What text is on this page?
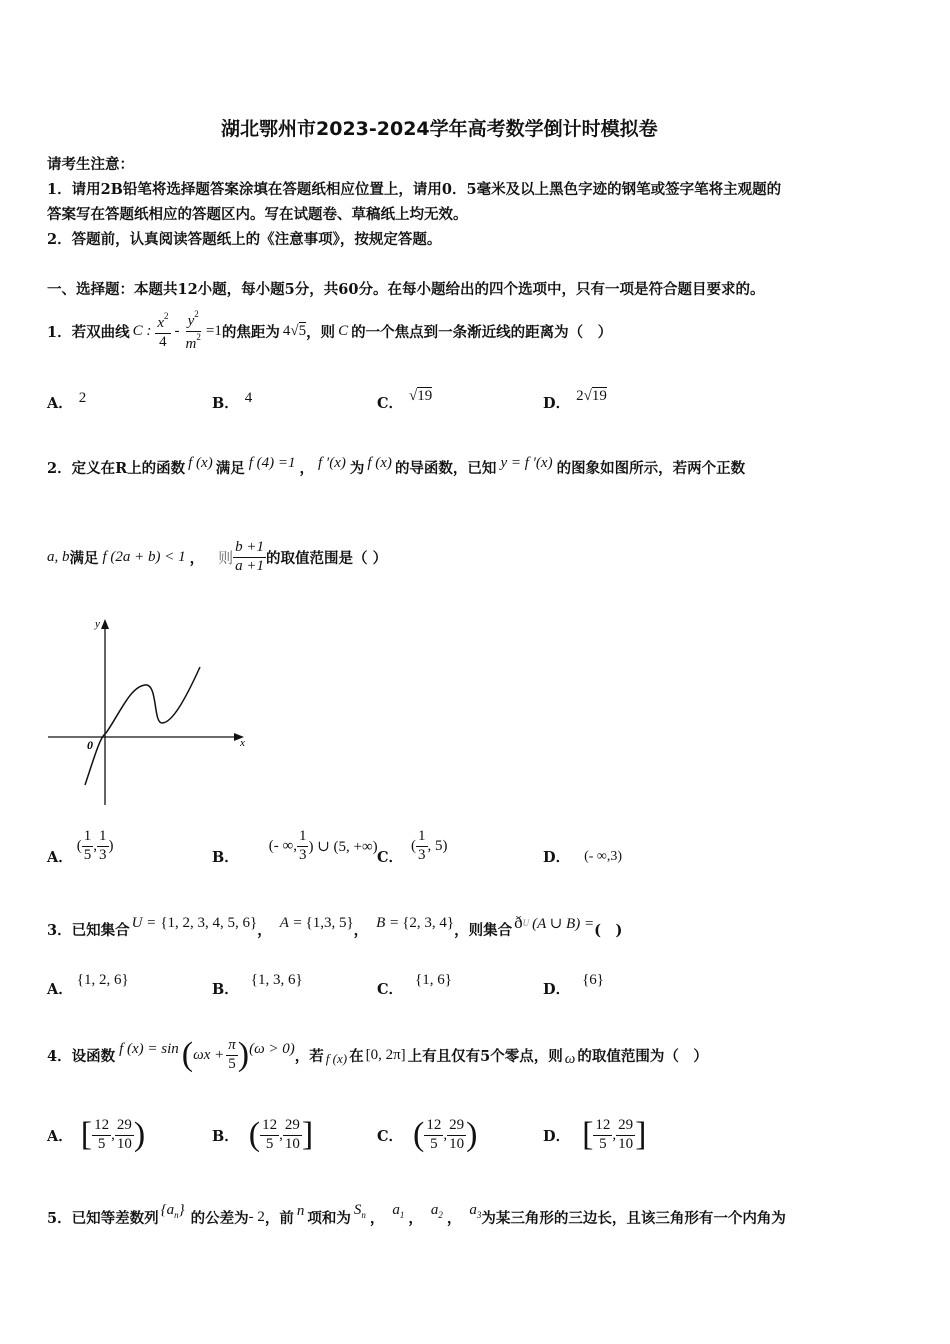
湖北鄂州市2023-2024学年高考数学倒计时模拟卷
请考生注意：
1．请用2B铅笔将选择题答案涂填在答题纸相应位置上，请用0．5毫米及以上黑色字迹的钢笔或签字笔将主观题的
答案写在答题纸相应的答题区内。写在试题卷、草稿纸上均无效。
2．答题前，认真阅读答题纸上的《注意事项》，按规定答题。
一、选择题：本题共12小题，每小题5分，共60分。在每小题给出的四个选项中，只有一项是符合题目要求的。
1．若双曲线 C : $\frac{x^2}{4} - \frac{y^2}{m^2} =1$ 的焦距为 4 √5 ，则 C 的一个焦点到一条渐近线的距离为（　）
A． 2	B． 4	C． √19	D． 2√19
2．定义在R上的函数 f (x) 满足 f (4) =1 ， f ′(x) 为 f (x) 的导函数，已知 y = f ′(x) 的图象如图所示，若两个正数
a, b 满足 f (2a + b) < 1 ， 则 $\frac{b +1}{a +1}$ 的取值范围是（ ）
y
x
0
A．
( $\frac{1}{5}$ , $\frac{1}{3}$ )
B．
(- ∞, $\frac{1}{3}$ ) ∪ (5, +∞)
C．
( $\frac{1}{3}$ , 5)
D． (- ∞,3)
3．已知集合 U = {1, 2, 3, 4, 5, 6} ， A = {1,3, 5} ， B = {2, 3, 4} ，则集合 ð U (A ∪ B) = (　)
A．{1, 2, 6}
B．{1, 3, 6}
C．{1, 6}
D．{6}
4．设函数 f (x) = sin ( $\omega x + \frac{\pi}{5}$ ) (ω > 0) ，若 f (x) 在 [0, 2π] 上有且仅有5个零点，则 ω 的取值范围为（　）
A． [ $\frac{12}{5}$ , $\frac{29}{10}$ )	B． ( $\frac{12}{5}$ , $\frac{29}{10}$ ]	C． ( $\frac{12}{5}$ , $\frac{29}{10}$ )	D． [ $\frac{12}{5}$ , $\frac{29}{10}$ ]
5．已知等差数列 $\{a_n\}$ 的公差为 - 2 ，前 n 项和为 $S_n$ ， $a_1$ ， $a_2$ ， $a_3$ 为某三角形的三边长，且该三角形有一个内角为
